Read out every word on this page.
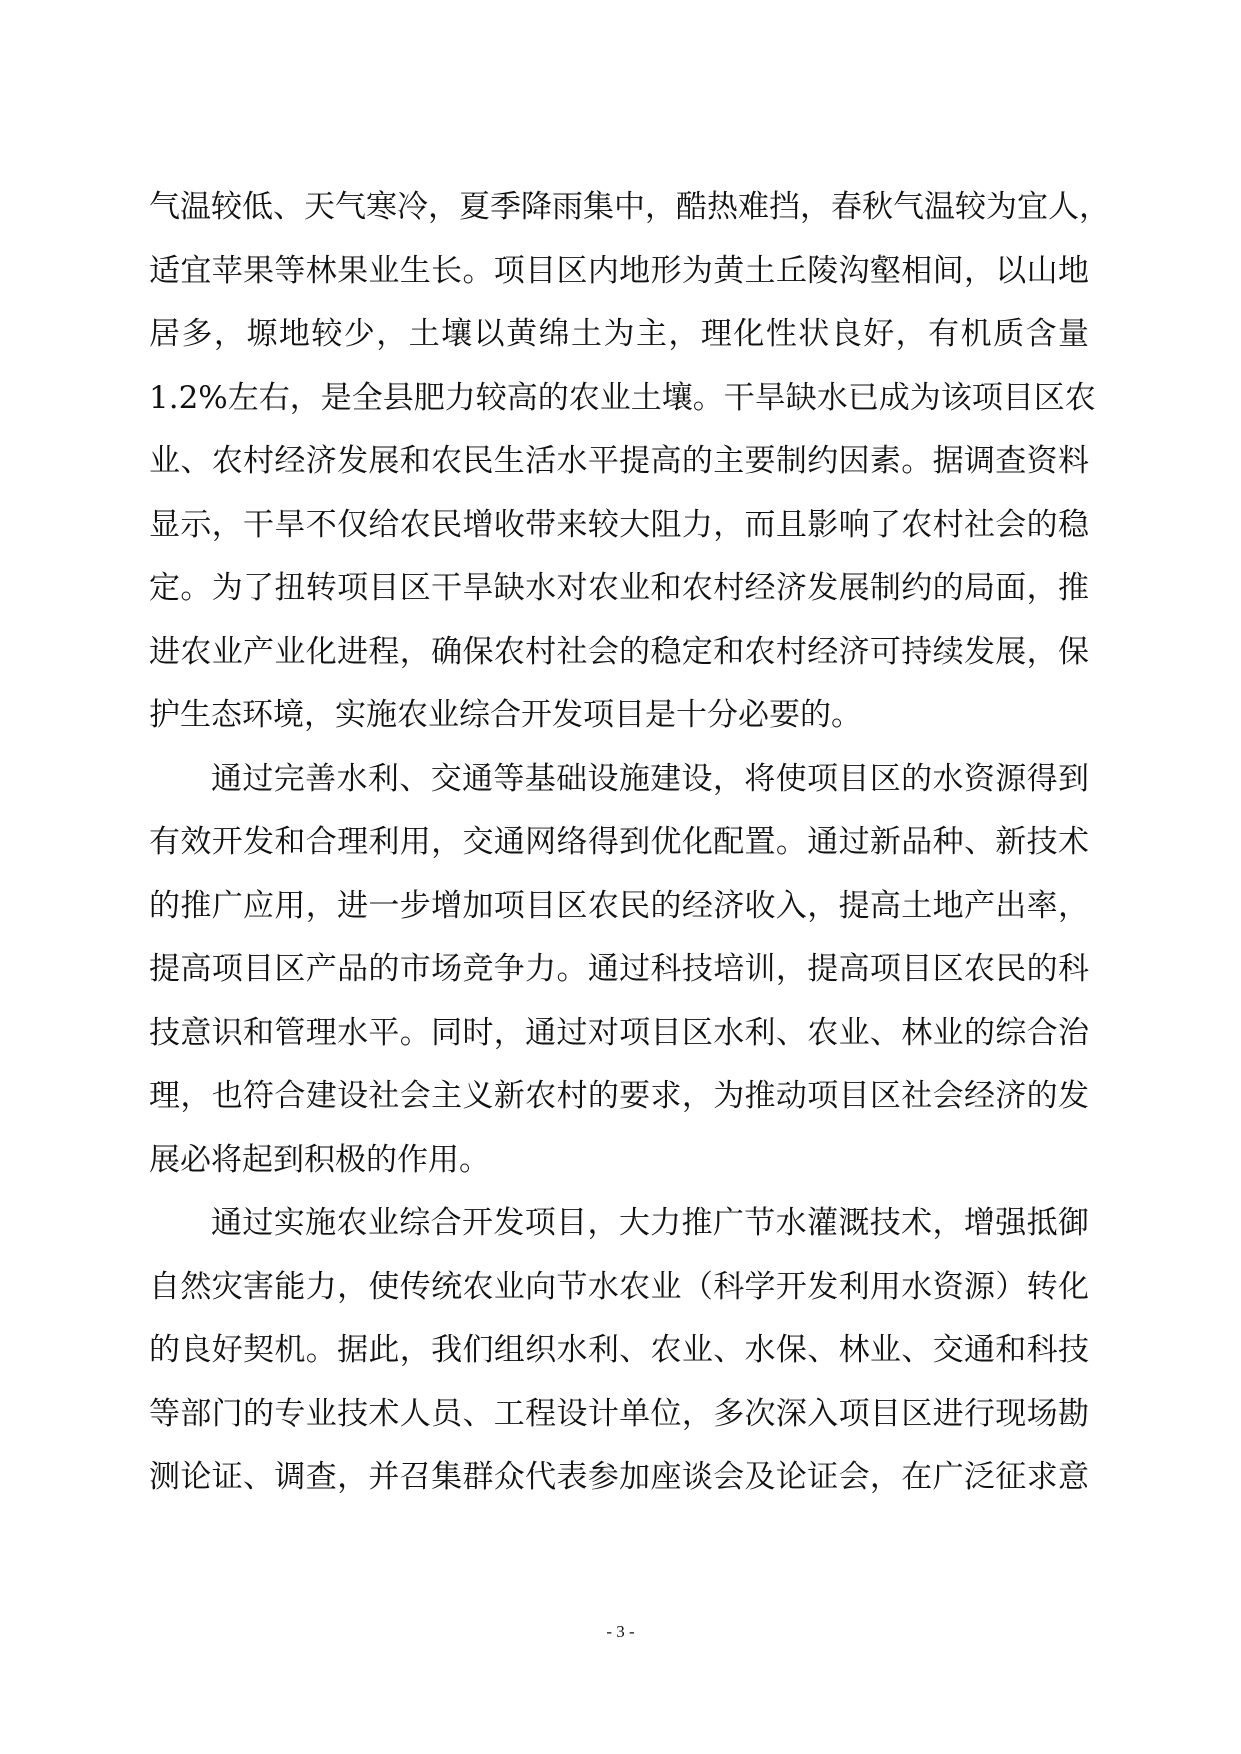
气温较低、天气寒冷，夏季降雨集中，酷热难挡，春秋气温较为宜人，
适宜苹果等林果业生长。项目区内地形为黄土丘陵沟壑相间，以山地
居多，塬地较少，土壤以黄绵土为主，理化性状良好，有机质含量
1.2%左右，是全县肥力较高的农业土壤。干旱缺水已成为该项目区农
业、农村经济发展和农民生活水平提高的主要制约因素。据调查资料
显示，干旱不仅给农民增收带来较大阻力，而且影响了农村社会的稳
定。为了扭转项目区干旱缺水对农业和农村经济发展制约的局面，推
进农业产业化进程，确保农村社会的稳定和农村经济可持续发展，保
护生态环境，实施农业综合开发项目是十分必要的。
通过完善水利、交通等基础设施建设，将使项目区的水资源得到
有效开发和合理利用，交通网络得到优化配置。通过新品种、新技术
的推广应用，进一步增加项目区农民的经济收入，提高土地产出率，
提高项目区产品的市场竞争力。通过科技培训，提高项目区农民的科
技意识和管理水平。同时，通过对项目区水利、农业、林业的综合治
理，也符合建设社会主义新农村的要求，为推动项目区社会经济的发
展必将起到积极的作用。
通过实施农业综合开发项目，大力推广节水灌溉技术，增强抵御
自然灾害能力，使传统农业向节水农业（科学开发利用水资源）转化
的良好契机。据此，我们组织水利、农业、水保、林业、交通和科技
等部门的专业技术人员、工程设计单位，多次深入项目区进行现场勘
测论证、调查，并召集群众代表参加座谈会及论证会，在广泛征求意
- 3 -
